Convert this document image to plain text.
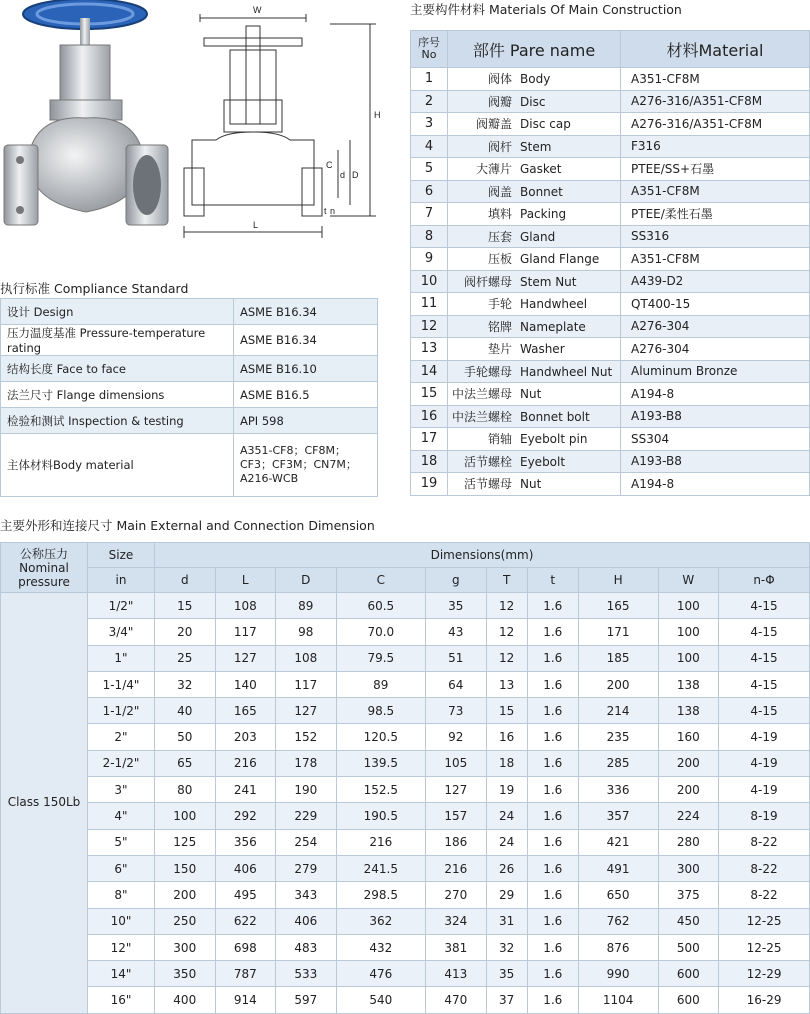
W
H
L
D
d
C
t n
执行标准 Compliance Standard
设计 Design	ASME B16.34
压力温度基准 Pressure-temperature rating	ASME B16.34
结构长度 Face to face	ASME B16.10
法兰尺寸 Flange dimensions	ASME B16.5
检验和测试 Inspection & testing	API 598
主体材料Body material	A351-CF8；CF8M；CF3；CF3M；CN7M；A216-WCB
主要构件材料 Materials Of Main Construction
序号 No	部件 Pare name	材料Material
1	阀体 Body	A351-CF8M
2	阀瓣 Disc	A276-316/A351-CF8M
3	阀瓣盖 Disc cap	A276-316/A351-CF8M
4	阀杆 Stem	F316
5	大薄片 Gasket	PTEE/SS+石墨
6	阀盖 Bonnet	A351-CF8M
7	填料 Packing	PTEE/柔性石墨
8	压套 Gland	SS316
9	压板 Gland Flange	A351-CF8M
10	阀杆螺母 Stem Nut	A439-D2
11	手轮 Handwheel	QT400-15
12	铭牌 Nameplate	A276-304
13	垫片 Washer	A276-304
14	手轮螺母 Handwheel Nut	Aluminum Bronze
15	中法兰螺母 Nut	A194-8
16	中法兰螺栓 Bonnet bolt	A193-B8
17	销轴 Eyebolt pin	SS304
18	活节螺栓 Eyebolt	A193-B8
19	活节螺母 Nut	A194-8
主要外形和连接尺寸 Main External and Connection Dimension
公称压力 Nominal pressure	Size	Dimensions(mm)									
	in	d	L	D	C	g	T	t	H	W	n-Φ
Class 150Lb	1/2"	15	108	89	60.5	35	12	1.6	165	100	4-15
	3/4"	20	117	98	70.0	43	12	1.6	171	100	4-15
	1"	25	127	108	79.5	51	12	1.6	185	100	4-15
	1-1/4"	32	140	117	89	64	13	1.6	200	138	4-15
	1-1/2"	40	165	127	98.5	73	15	1.6	214	138	4-15
	2"	50	203	152	120.5	92	16	1.6	235	160	4-19
	2-1/2"	65	216	178	139.5	105	18	1.6	285	200	4-19
	3"	80	241	190	152.5	127	19	1.6	336	200	4-19
	4"	100	292	229	190.5	157	24	1.6	357	224	8-19
	5"	125	356	254	216	186	24	1.6	421	280	8-22
	6"	150	406	279	241.5	216	26	1.6	491	300	8-22
	8"	200	495	343	298.5	270	29	1.6	650	375	8-22
	10"	250	622	406	362	324	31	1.6	762	450	12-25
	12"	300	698	483	432	381	32	1.6	876	500	12-25
	14"	350	787	533	476	413	35	1.6	990	600	12-29
	16"	400	914	597	540	470	37	1.6	1104	600	16-29
